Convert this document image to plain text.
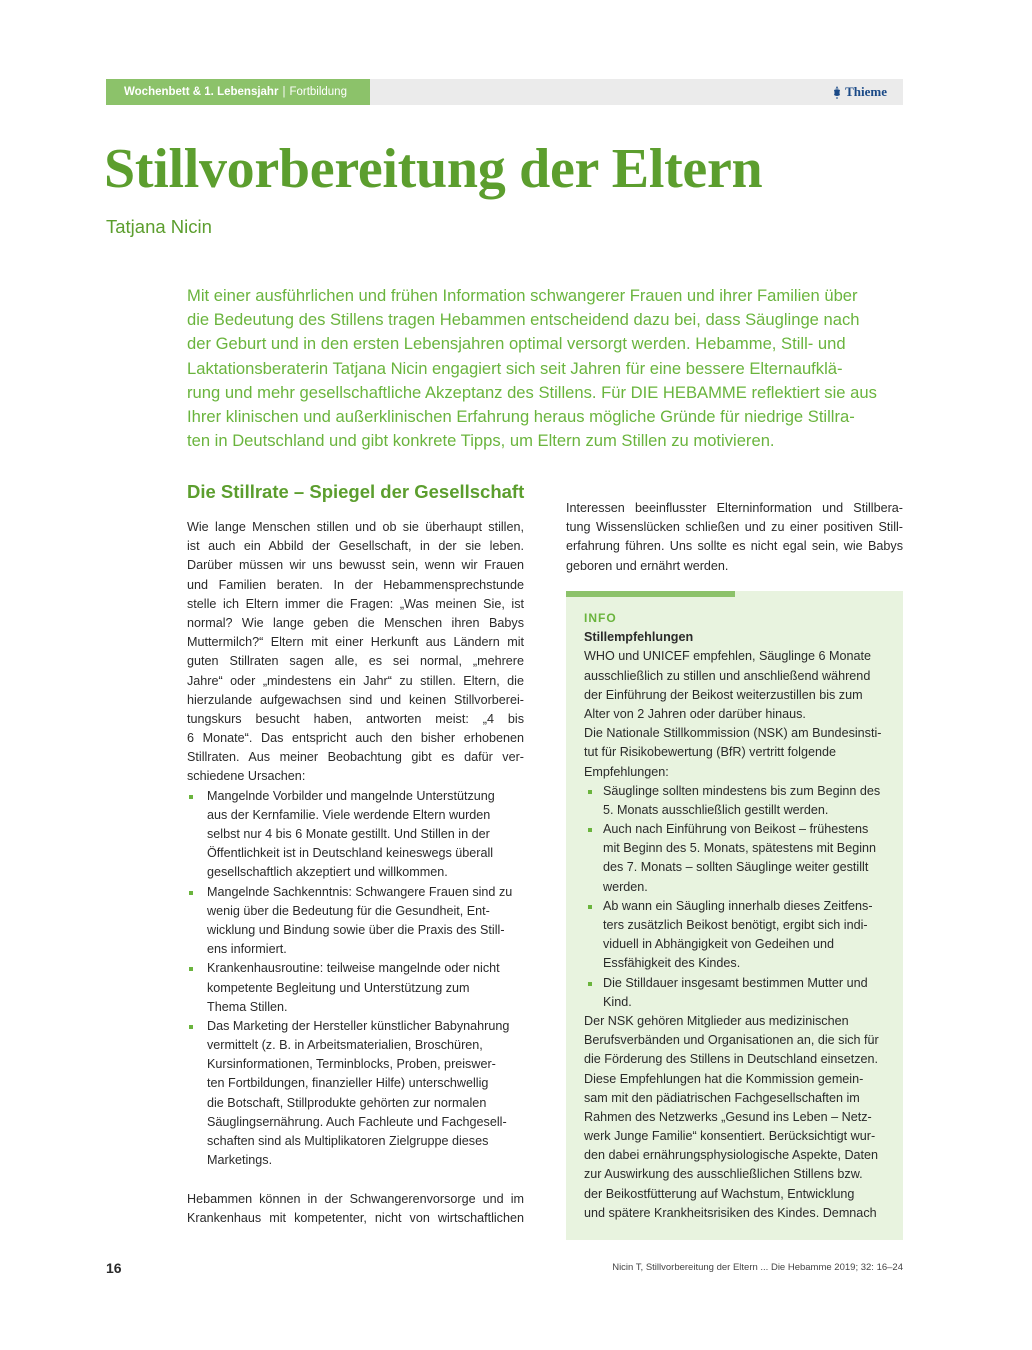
Wochenbett & 1. Lebensjahr | Fortbildung	Thieme
Stillvorbereitung der Eltern
Tatjana Nicin
Mit einer ausführlichen und frühen Information schwangerer Frauen und ihrer Familien über
die Bedeutung des Stillens tragen Hebammen entscheidend dazu bei, dass Säuglinge nach
der Geburt und in den ersten Lebensjahren optimal versorgt werden. Hebamme, Still- und
Laktationsberaterin Tatjana Nicin engagiert sich seit Jahren für eine bessere Elternaufklä-
rung und mehr gesellschaftliche Akzeptanz des Stillens. Für DIE HEBAMME reflektiert sie aus
Ihrer klinischen und außerklinischen Erfahrung heraus mögliche Gründe für niedrige Stillra-
ten in Deutschland und gibt konkrete Tipps, um Eltern zum Stillen zu motivieren.
Die Stillrate – Spiegel der Gesellschaft
Wie lange Menschen stillen und ob sie überhaupt stillen,
ist auch ein Abbild der Gesellschaft, in der sie leben.
Darüber müssen wir uns bewusst sein, wenn wir Frauen
und Familien beraten. In der Hebammensprechstunde
stelle ich Eltern immer die Fragen: „Was meinen Sie, ist
normal? Wie lange geben die Menschen ihren Babys
Muttermilch?“ Eltern mit einer Herkunft aus Ländern mit
guten Stillraten sagen alle, es sei normal, „mehrere
Jahre“ oder „mindestens ein Jahr“ zu stillen. Eltern, die
hierzulande aufgewachsen sind und keinen Stillvorberei-
tungskurs besucht haben, antworten meist: „4 bis
6 Monate“. Das entspricht auch den bisher erhobenen
Stillraten. Aus meiner Beobachtung gibt es dafür ver-
schiedene Ursachen:
Mangelnde Vorbilder und mangelnde Unterstützung
aus der Kernfamilie. Viele werdende Eltern wurden
selbst nur 4 bis 6 Monate gestillt. Und Stillen in der
Öffentlichkeit ist in Deutschland keineswegs überall
gesellschaftlich akzeptiert und willkommen.
Mangelnde Sachkenntnis: Schwangere Frauen sind zu
wenig über die Bedeutung für die Gesundheit, Ent-
wicklung und Bindung sowie über die Praxis des Still-
ens informiert.
Krankenhausroutine: teilweise mangelnde oder nicht
kompetente Begleitung und Unterstützung zum
Thema Stillen.
Das Marketing der Hersteller künstlicher Babynahrung
vermittelt (z. B. in Arbeitsmaterialien, Broschüren,
Kursinformationen, Terminblocks, Proben, preiswer-
ten Fortbildungen, finanzieller Hilfe) unterschwellig
die Botschaft, Stillprodukte gehörten zur normalen
Säuglingsernährung. Auch Fachleute und Fachgesell-
schaften sind als Multiplikatoren Zielgruppe dieses
Marketings.
Hebammen können in der Schwangerenvorsorge und im
Krankenhaus mit kompetenter, nicht von wirtschaftlichen
Interessen beeinflusster Elterninformation und Stillbera-
tung Wissenslücken schließen und zu einer positiven Still-
erfahrung führen. Uns sollte es nicht egal sein, wie Babys
geboren und ernährt werden.
INFO
Stillempfehlungen
WHO und UNICEF empfehlen, Säuglinge 6 Monate
ausschließlich zu stillen und anschließend während
der Einführung der Beikost weiterzustillen bis zum
Alter von 2 Jahren oder darüber hinaus.
Die Nationale Stillkommission (NSK) am Bundesinsti-
tut für Risikobewertung (BfR) vertritt folgende
Empfehlungen:
Säuglinge sollten mindestens bis zum Beginn des
5. Monats ausschließlich gestillt werden.
Auch nach Einführung von Beikost – frühestens
mit Beginn des 5. Monats, spätestens mit Beginn
des 7. Monats – sollten Säuglinge weiter gestillt
werden.
Ab wann ein Säugling innerhalb dieses Zeitfens-
ters zusätzlich Beikost benötigt, ergibt sich indi-
viduell in Abhängigkeit von Gedeihen und
Essfähigkeit des Kindes.
Die Stilldauer insgesamt bestimmen Mutter und
Kind.
Der NSK gehören Mitglieder aus medizinischen
Berufsverbänden und Organisationen an, die sich für
die Förderung des Stillens in Deutschland einsetzen.
Diese Empfehlungen hat die Kommission gemein-
sam mit den pädiatrischen Fachgesellschaften im
Rahmen des Netzwerks „Gesund ins Leben – Netz-
werk Junge Familie“ konsentiert. Berücksichtigt wur-
den dabei ernährungsphysiologische Aspekte, Daten
zur Auswirkung des ausschließlichen Stillens bzw.
der Beikostfütterung auf Wachstum, Entwicklung
und spätere Krankheitsrisiken des Kindes. Demnach
16	Nicin T, Stillvorbereitung der Eltern ... Die Hebamme 2019; 32: 16–24
